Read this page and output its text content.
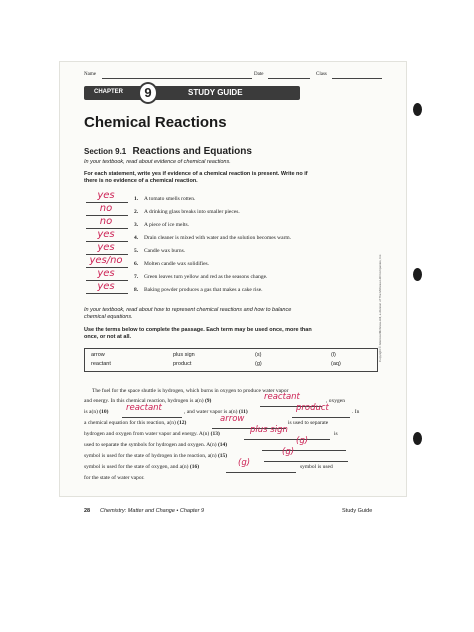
Name	Date	Class
CHAPTER	STUDY GUIDE
9
Chemical Reactions
Section 9.1 Reactions and Equations
In your textbook, read about evidence of chemical reactions.
For each statement, write yes if evidence of a chemical reaction is present. Write no if
there is no evidence of a chemical reaction.
yes	1. A tomato smells rotten.
no	2. A drinking glass breaks into smaller pieces.
no	3. A piece of ice melts.
yes	4. Drain cleaner is mixed with water and the solution becomes warm.
yes	5. Candle wax burns.
yes/no	6. Molten candle wax solidifies.
yes	7. Green leaves turn yellow and red as the seasons change.
yes	8. Baking powder produces a gas that makes a cake rise.
In your textbook, read about how to represent chemical reactions and how to balance
chemical equations.
Use the terms below to complete the passage. Each term may be used once, more than
once, or not at all.
arrow	plus sign	(s)	(l)
reactant	product	(g)	(aq)
The fuel for the space shuttle is hydrogen, which burns in oxygen to produce water vapor
and energy. In this chemical reaction, hydrogen is a(n) (9)	reactant	, oxygen
is a(n) (10)	reactant	, and water vapor is a(n) (11)	product	. In
a chemical equation for this reaction, a(n) (12)	arrow	is used to separate
hydrogen and oxygen from water vapor and energy. A(n) (13)	plus sign	is
used to separate the symbols for hydrogen and oxygen. A(n) (14)	(g)
symbol is used for the state of hydrogen in the reaction, a(n) (15)	(g)
symbol is used for the state of oxygen, and a(n) (16)	(g)	symbol is used
for the state of water vapor.
28 Chemistry: Matter and Change • Chapter 9	Study Guide
Copyright © Glencoe/McGraw-Hill, a division of The McGraw-Hill Companies, Inc.
